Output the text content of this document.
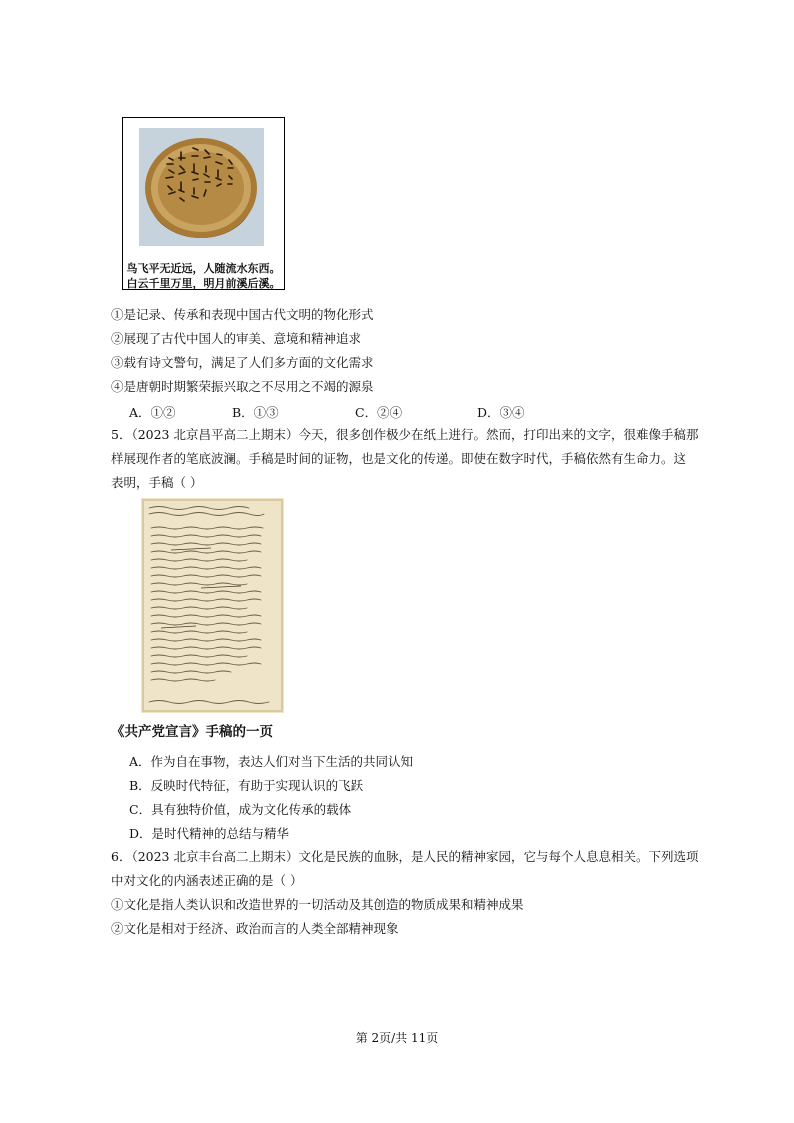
鸟飞平无近远，人随流水东西。
白云千里万里，明月前溪后溪。
①是记录、传承和表现中国古代文明的物化形式
②展现了古代中国人的审美、意境和精神追求
③载有诗文警句，满足了人们多方面的文化需求
④是唐朝时期繁荣振兴取之不尽用之不竭的源泉
A．①②	B．①③	C．②④	D．③④
5．（2023 北京昌平高二上期末）今天，很多创作极少在纸上进行。然而，打印出来的文字，很难像手稿那
样展现作者的笔底波澜。手稿是时间的证物，也是文化的传递。即使在数字时代，手稿依然有生命力。这
表明，手稿（ ）
《共产党宣言》手稿的一页
A．作为自在事物，表达人们对当下生活的共同认知
B．反映时代特征，有助于实现认识的飞跃
C．具有独特价值，成为文化传承的载体
D．是时代精神的总结与精华
6．（2023 北京丰台高二上期末）文化是民族的血脉，是人民的精神家园，它与每个人息息相关。下列选项
中对文化的内涵表述正确的是（ ）
①文化是指人类认识和改造世界的一切活动及其创造的物质成果和精神成果
②文化是相对于经济、政治而言的人类全部精神现象
第 2页/共 11页
